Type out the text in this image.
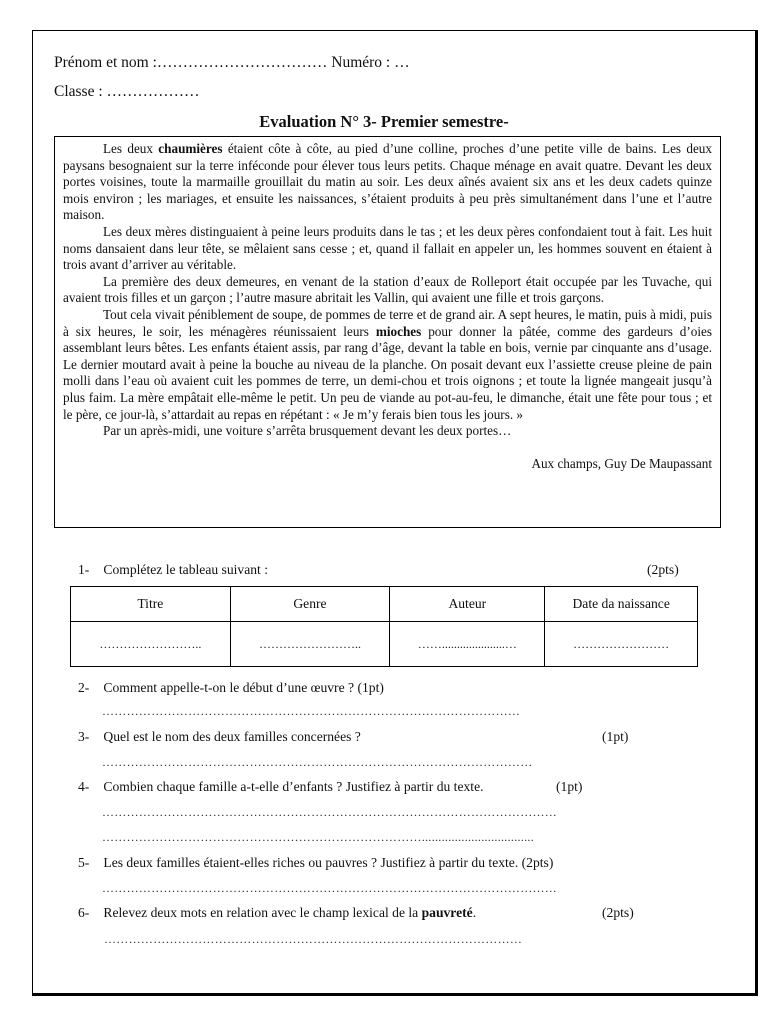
Prénom et nom :…………………………… Numéro : …
Classe : ………………
Evaluation N° 3- Premier semestre-

Les deux chaumières étaient côte à côte, au pied d’une colline, proches d’une petite ville de bains. Les deux paysans besognaient sur la terre inféconde pour élever tous leurs petits. Chaque ménage en avait quatre. Devant les deux portes voisines, toute la marmaille grouillait du matin au soir. Les deux aînés avaient six ans et les deux cadets quinze mois environ ; les mariages, et ensuite les naissances, s’étaient produits à peu près simultanément dans l’une et l’autre maison.

Les deux mères distinguaient à peine leurs produits dans le tas ; et les deux pères confondaient tout à fait. Les huit noms dansaient dans leur tête, se mêlaient sans cesse ; et, quand il fallait en appeler un, les hommes souvent en étaient à trois avant d’arriver au véritable.

La première des deux demeures, en venant de la station d’eaux de Rolleport était occupée par les Tuvache, qui avaient trois filles et un garçon ; l’autre masure abritait les Vallin, qui avaient une fille et trois garçons.

Tout cela vivait péniblement de soupe, de pommes de terre et de grand air. A sept heures, le matin, puis à midi, puis à six heures, le soir, les ménagères réunissaient leurs mioches pour donner la pâtée, comme des gardeurs d’oies assemblant leurs bêtes. Les enfants étaient assis, par rang d’âge, devant la table en bois, vernie par cinquante ans d’usage. Le dernier moutard avait à peine la bouche au niveau de la planche. On posait devant eux l’assiette creuse pleine de pain molli dans l’eau où avaient cuit les pommes de terre, un demi-chou et trois oignons ; et toute la lignée mangeait jusqu’à plus faim. La mère empâtait elle-même le petit. Un peu de viande au pot-au-feu, le dimanche, était une fête pour tous ; et le père, ce jour-là, s’attardait au repas en répétant : « Je m’y ferais bien tous les jours. »

Par un après-midi, une voiture s’arrêta brusquement devant les deux portes…

Aux champs, Guy De Maupassant
1- Complétez le tableau suivant :	(2pts)
Titre	Genre	Auteur	Date da naissance
……………………..	……………………..	…….....................…	……………………
2- Comment appelle-t-on le début d’une œuvre ? (1pt)
…………………………………………………………………………………………
3- Quel est le nom des deux familles concernées ?	(1pt)
……………………………………………………………………………………………
4- Combien chaque famille a-t-elle d’enfants ? Justifiez à partir du texte.	(1pt)
…………………………………………………………………………………………………
……………………………………………………………………..................................
5- Les deux familles étaient-elles riches ou pauvres ? Justifiez à partir du texte. (2pts)
…………………………………………………………………………………………………
6- Relevez deux mots en relation avec le champ lexical de la pauvreté.	(2pts)
…………………………………………………………………………………………
